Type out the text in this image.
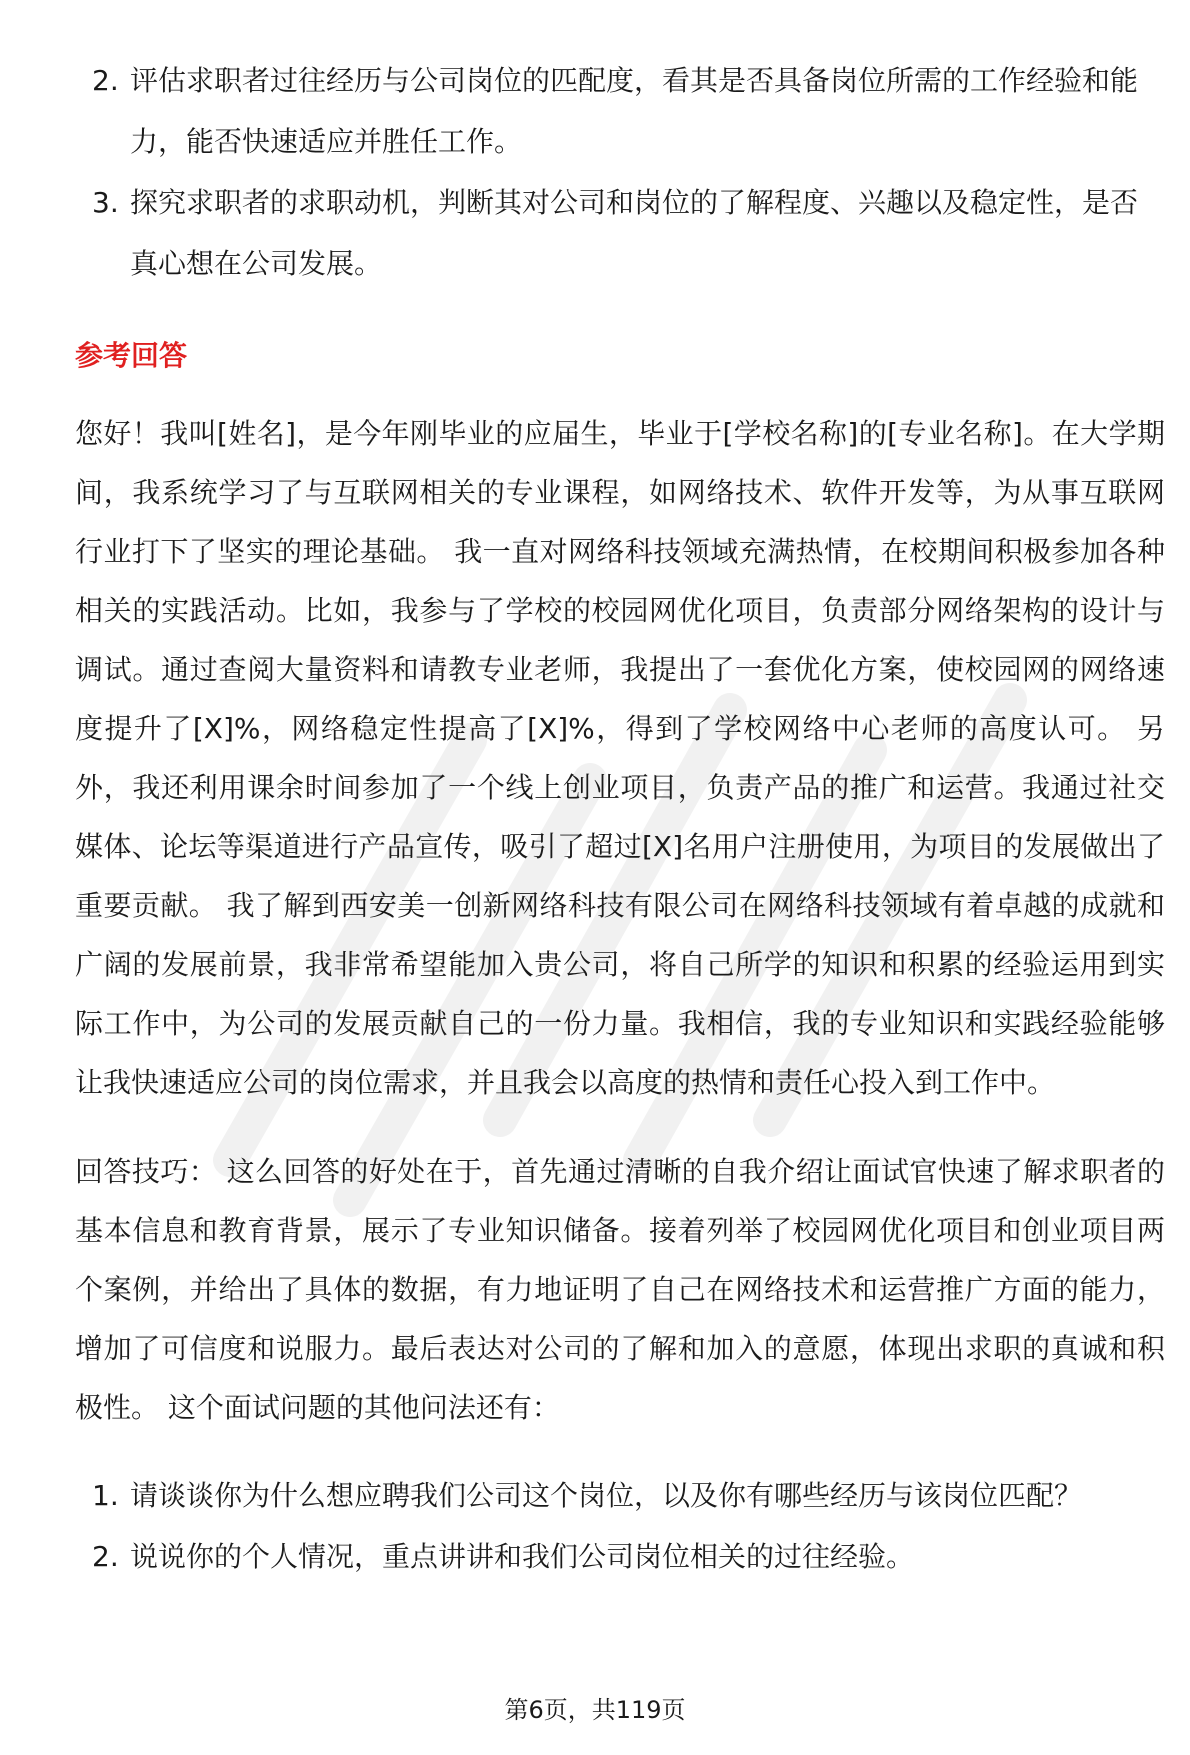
2. 评估求职者过往经历与公司岗位的匹配度，看其是否具备岗位所需的工作经验和能力，能否快速适应并胜任工作。
3. 探究求职者的求职动机，判断其对公司和岗位的了解程度、兴趣以及稳定性，是否真心想在公司发展。
参考回答
您好！我叫[姓名]，是今年刚毕业的应届生，毕业于[学校名称]的[专业名称]。在大学期间，我系统学习了与互联网相关的专业课程，如网络技术、软件开发等，为从事互联网行业打下了坚实的理论基础。 我一直对网络科技领域充满热情，在校期间积极参加各种相关的实践活动。比如，我参与了学校的校园网优化项目，负责部分网络架构的设计与调试。通过查阅大量资料和请教专业老师，我提出了一套优化方案，使校园网的网络速度提升了[X]%，网络稳定性提高了[X]%，得到了学校网络中心老师的高度认可。 另外，我还利用课余时间参加了一个线上创业项目，负责产品的推广和运营。我通过社交媒体、论坛等渠道进行产品宣传，吸引了超过[X]名用户注册使用，为项目的发展做出了重要贡献。 我了解到西安美一创新网络科技有限公司在网络科技领域有着卓越的成就和广阔的发展前景，我非常希望能加入贵公司，将自己所学的知识和积累的经验运用到实际工作中，为公司的发展贡献自己的一份力量。我相信，我的专业知识和实践经验能够让我快速适应公司的岗位需求，并且我会以高度的热情和责任心投入到工作中。
回答技巧： 这么回答的好处在于，首先通过清晰的自我介绍让面试官快速了解求职者的基本信息和教育背景，展示了专业知识储备。接着列举了校园网优化项目和创业项目两个案例，并给出了具体的数据，有力地证明了自己在网络技术和运营推广方面的能力，增加了可信度和说服力。最后表达对公司的了解和加入的意愿，体现出求职的真诚和积极性。 这个面试问题的其他问法还有：
1. 请谈谈你为什么想应聘我们公司这个岗位，以及你有哪些经历与该岗位匹配？
2. 说说你的个人情况，重点讲讲和我们公司岗位相关的过往经验。
第6页，共119页
